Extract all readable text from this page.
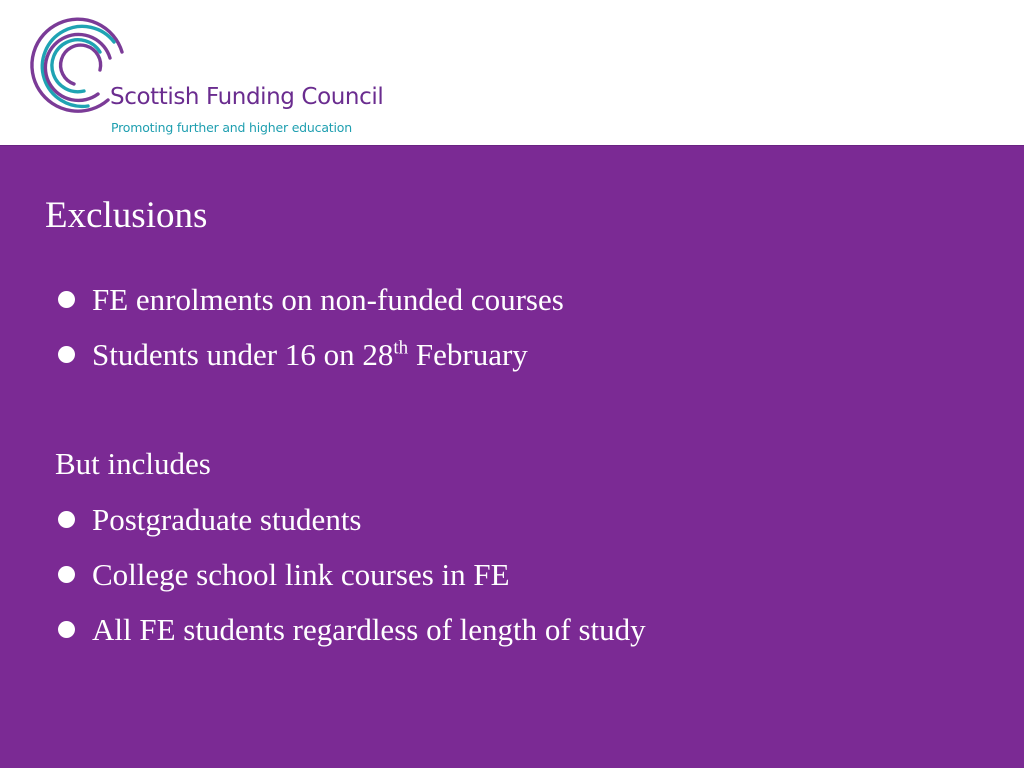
Scottish Funding Council
Promoting further and higher education
Exclusions
FE enrolments on non-funded courses
Students under 16 on 28th February
But includes
Postgraduate students
College school link courses in FE
All FE students regardless of length of study
